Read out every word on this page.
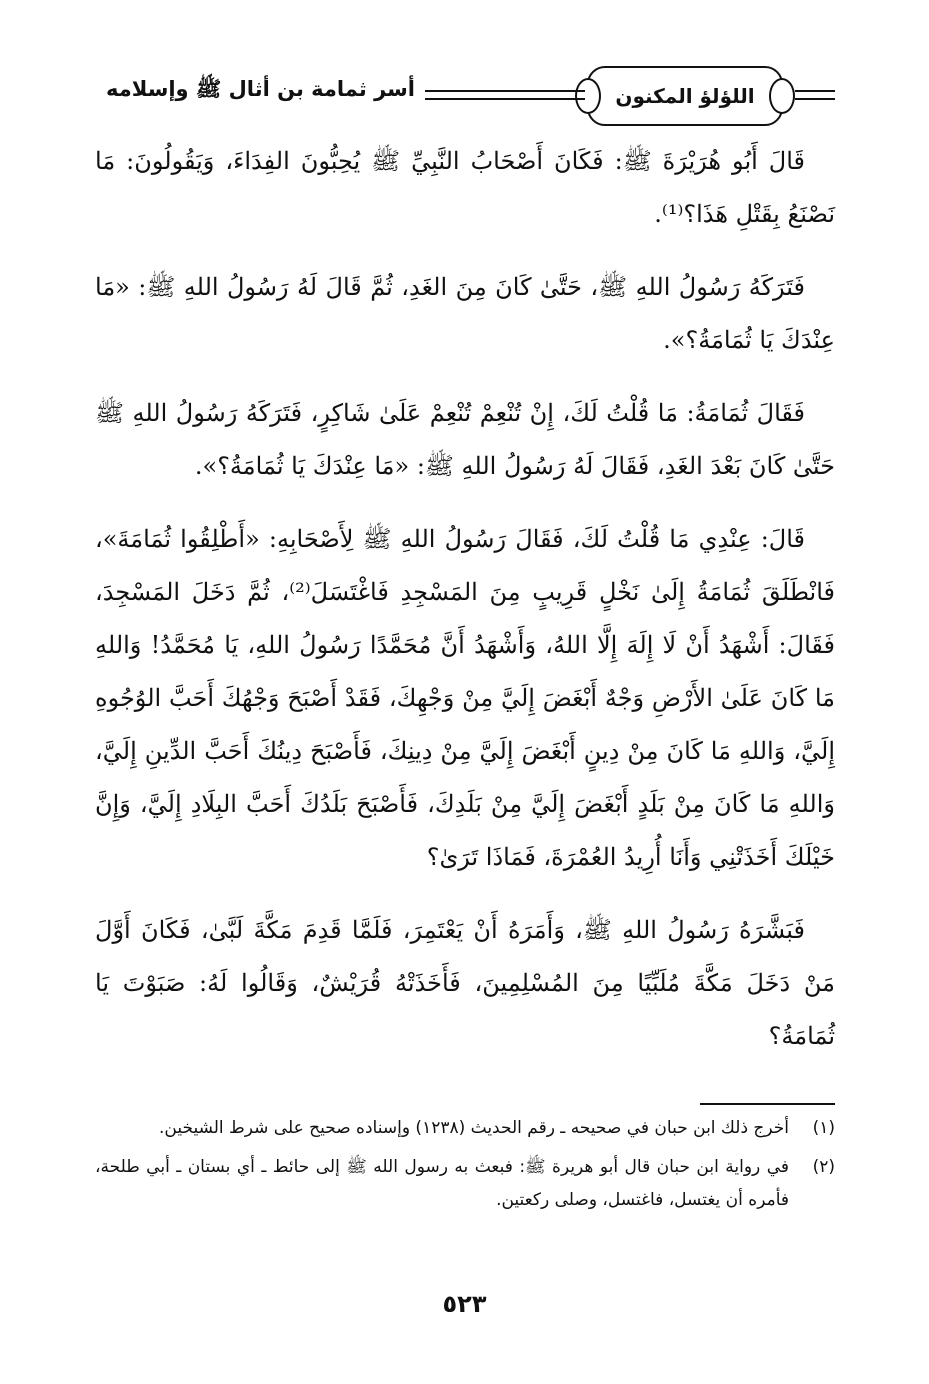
اللؤلؤ المكنون
أسر ثمامة بن أثال ﷺ وإسلامه

قَالَ أَبُو هُرَيْرَةَ ﷺ: فَكَانَ أَصْحَابُ النَّبِيِّ ﷺ يُحِبُّونَ الفِدَاءَ، وَيَقُولُونَ: مَا نَصْنَعُ بِقَتْلِ هَذَا؟⁽¹⁾.

فَتَرَكَهُ رَسُولُ اللهِ ﷺ، حَتَّىٰ كَانَ مِنَ الغَدِ، ثُمَّ قَالَ لَهُ رَسُولُ اللهِ ﷺ: «مَا عِنْدَكَ يَا ثُمَامَةُ؟».

فَقَالَ ثُمَامَةُ: مَا قُلْتُ لَكَ، إِنْ تُنْعِمْ تُنْعِمْ عَلَىٰ شَاكِرٍ، فَتَرَكَهُ رَسُولُ اللهِ ﷺ حَتَّىٰ كَانَ بَعْدَ الغَدِ، فَقَالَ لَهُ رَسُولُ اللهِ ﷺ: «مَا عِنْدَكَ يَا ثُمَامَةُ؟».

قَالَ: عِنْدِي مَا قُلْتُ لَكَ، فَقَالَ رَسُولُ اللهِ ﷺ لِأَصْحَابِهِ: «أَطْلِقُوا ثُمَامَةَ»، فَانْطَلَقَ ثُمَامَةُ إِلَىٰ نَخْلٍ قَرِيبٍ مِنَ المَسْجِدِ فَاغْتَسَلَ⁽²⁾، ثُمَّ دَخَلَ المَسْجِدَ، فَقَالَ: أَشْهَدُ أَنْ لَا إِلَهَ إِلَّا اللهُ، وَأَشْهَدُ أَنَّ مُحَمَّدًا رَسُولُ اللهِ، يَا مُحَمَّدُ! وَاللهِ مَا كَانَ عَلَىٰ الأَرْضِ وَجْهٌ أَبْغَضَ إِلَيَّ مِنْ وَجْهِكَ، فَقَدْ أَصْبَحَ وَجْهُكَ أَحَبَّ الوُجُوهِ إِلَيَّ، وَاللهِ مَا كَانَ مِنْ دِينٍ أَبْغَضَ إِلَيَّ مِنْ دِينِكَ، فَأَصْبَحَ دِينُكَ أَحَبَّ الدِّينِ إِلَيَّ، وَاللهِ مَا كَانَ مِنْ بَلَدٍ أَبْغَضَ إِلَيَّ مِنْ بَلَدِكَ، فَأَصْبَحَ بَلَدُكَ أَحَبَّ البِلَادِ إِلَيَّ، وَإِنَّ خَيْلَكَ أَخَذَتْنِي وَأَنَا أُرِيدُ العُمْرَةَ، فَمَاذَا تَرَىٰ؟

فَبَشَّرَهُ رَسُولُ اللهِ ﷺ، وَأَمَرَهُ أَنْ يَعْتَمِرَ، فَلَمَّا قَدِمَ مَكَّةَ لَبَّىٰ، فَكَانَ أَوَّلَ مَنْ دَخَلَ مَكَّةَ مُلَبِّيًا مِنَ المُسْلِمِينَ، فَأَخَذَتْهُ قُرَيْشٌ، وَقَالُوا لَهُ: صَبَوْتَ يَا ثُمَامَةُ؟

(١)
أخرج ذلك ابن حبان في صحيحه ـ رقم الحديث (١٢٣٨) وإسناده صحيح على شرط الشيخين.
(٢)
في رواية ابن حبان قال أبو هريرة ﷺ: فبعث به رسول الله ﷺ إلى حائط ـ أي بستان ـ أبي طلحة، فأمره أن يغتسل، فاغتسل، وصلى ركعتين.
٥٢٣
